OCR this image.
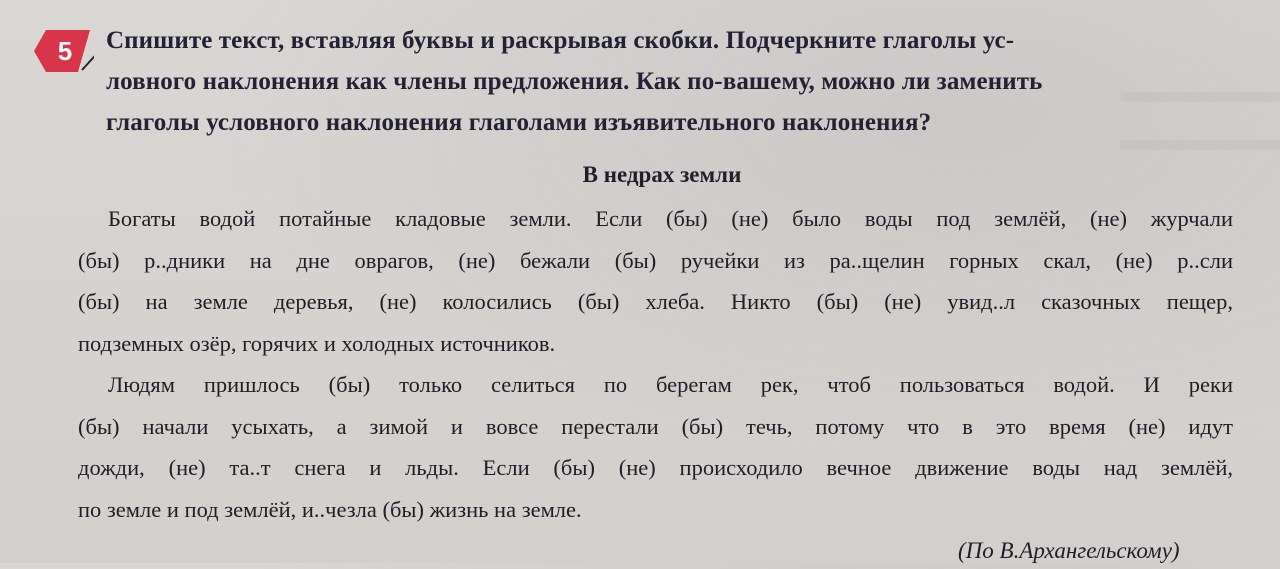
5	Спишите текст, вставляя буквы и раскрывая скобки. Подчеркните глаголы ус-
ловного наклонения как члены предложения. Как по-вашему, можно ли заменить
глаголы условного наклонения глаголами изъявительного наклонения?
В недрах земли
Богаты водой потайные кладовые земли. Если (бы) (не) было воды под землёй, (не) журчали
(бы) р..дники на дне оврагов, (не) бежали (бы) ручейки из ра..щелин горных скал, (не) р..сли
(бы) на земле деревья, (не) колосились (бы) хлеба. Никто (бы) (не) увид..л сказочных пещер,
подземных озёр, горячих и холодных источников.
Людям пришлось (бы) только селиться по берегам рек, чтоб пользоваться водой. И реки
(бы) начали усыхать, а зимой и вовсе перестали (бы) течь, потому что в это время (не) идут
дожди, (не) та..т снега и льды. Если (бы) (не) происходило вечное движение воды над землёй,
по земле и под землёй, и..чезла (бы) жизнь на земле.
(По В.Архангельскому)
